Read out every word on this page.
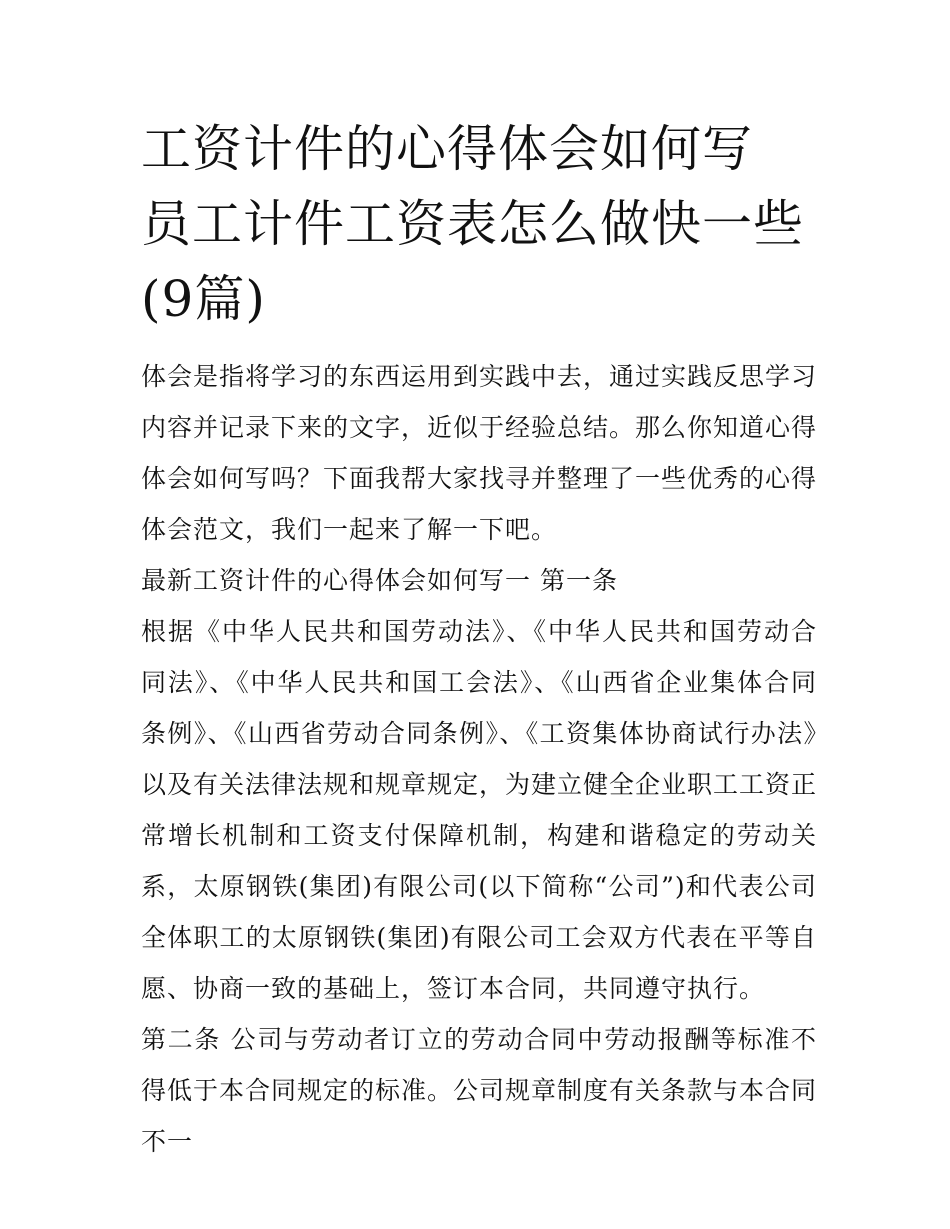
工资计件的心得体会如何写 员工计件工资表怎么做快一些(9篇)

体会是指将学习的东西运用到实践中去，通过实践反思学习内容并记录下来的文字，近似于经验总结。那么你知道心得体会如何写吗？下面我帮大家找寻并整理了一些优秀的心得体会范文，我们一起来了解一下吧。

最新工资计件的心得体会如何写一 第一条

根据《中华人民共和国劳动法》、《中华人民共和国劳动合同法》、《中华人民共和国工会法》、《山西省企业集体合同条例》、《山西省劳动合同条例》、《工资集体协商试行办法》以及有关法律法规和规章规定，为建立健全企业职工工资正常增长机制和工资支付保障机制，构建和谐稳定的劳动关系，太原钢铁(集团)有限公司(以下简称“公司”)和代表公司全体职工的太原钢铁(集团)有限公司工会双方代表在平等自愿、协商一致的基础上，签订本合同，共同遵守执行。

第二条 公司与劳动者订立的劳动合同中劳动报酬等标准不得低于本合同规定的标准。公司规章制度有关条款与本合同不一
